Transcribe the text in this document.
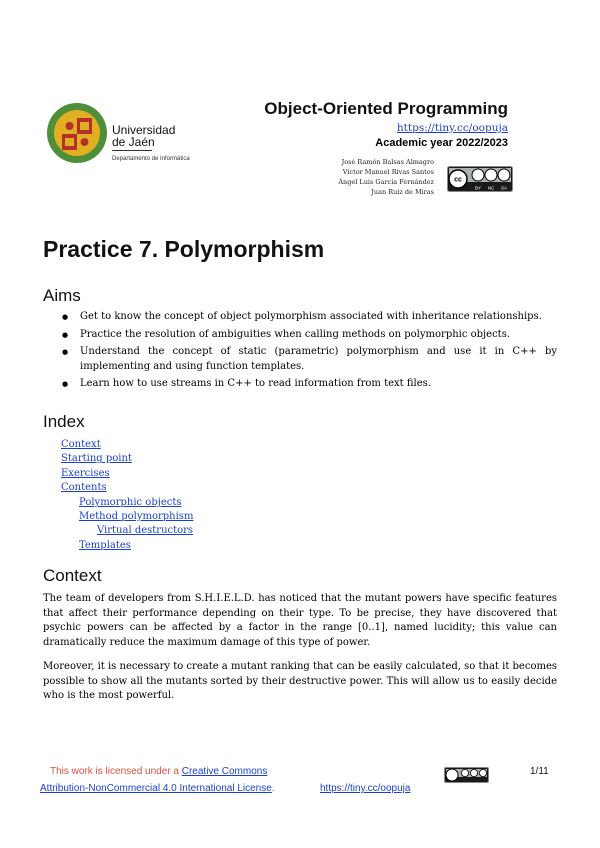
Universidad
de Jaén
Departamento de Informática
Object-Oriented Programming
https://tiny.cc/oopuja
Academic year 2022/2023
José Ramón Balsas Almagro
Víctor Manuel Rivas Santos
Ángel Luis García Fernández
Juan Ruiz de Miras
cc
BY NC SA
Practice 7. Polymorphism
Aims
● Get to know the concept of object polymorphism associated with inheritance relationships.
● Practice the resolution of ambiguities when calling methods on polymorphic objects.
● Understand the concept of static (parametric) polymorphism and use it in C++ by implementing and using function templates.
● Learn how to use streams in C++ to read information from text files.
Index
Context
Starting point
Exercises
Contents
Polymorphic objects
Method polymorphism
Virtual destructors
Templates
Context

The team of developers from S.H.I.E.L.D. has noticed that the mutant powers have specific features that affect their performance depending on their type. To be precise, they have discovered that psychic powers can be affected by a factor in the range [0..1], named lucidity; this value can dramatically reduce the maximum damage of this type of power.

Moreover, it is necessary to create a mutant ranking that can be easily calculated, so that it becomes possible to show all the mutants sorted by their destructive power. This will allow us to easily decide who is the most powerful.

This work is licensed under a Creative Commons
Attribution-NonCommercial 4.0 International License.	https://tiny.cc/oopuja
1/11
